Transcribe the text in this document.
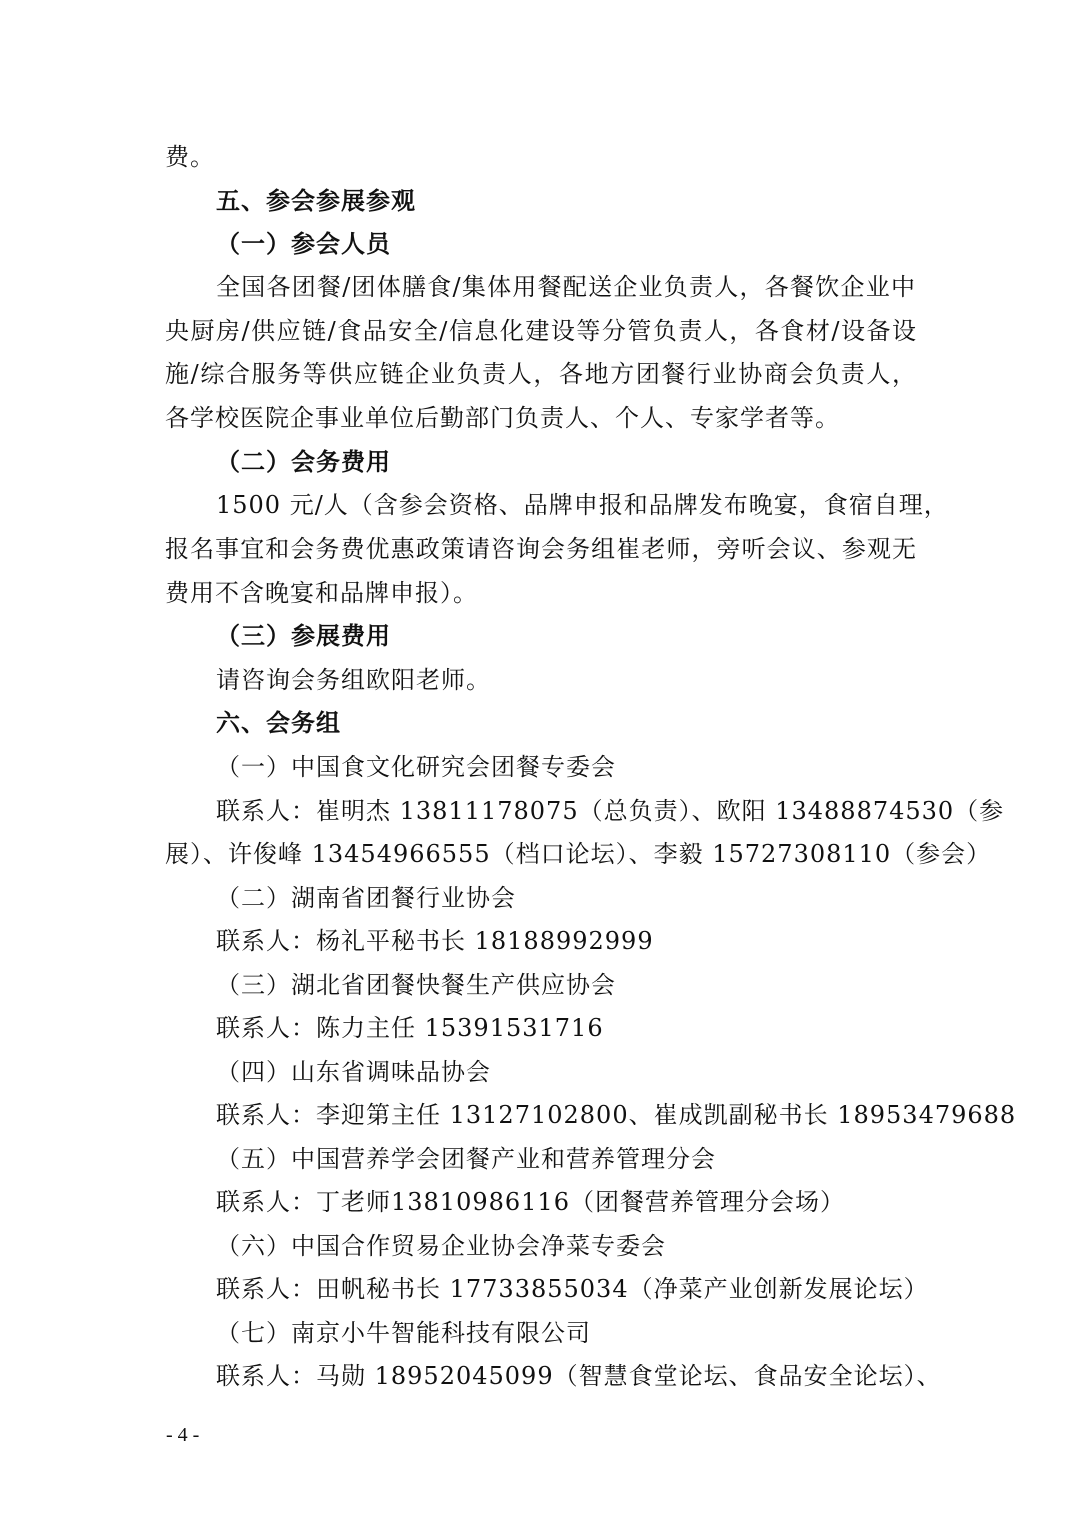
费。
五、参会参展参观
（一）参会人员
全国各团餐/团体膳食/集体用餐配送企业负责人，各餐饮企业中
央厨房/供应链/食品安全/信息化建设等分管负责人，各食材/设备设
施/综合服务等供应链企业负责人，各地方团餐行业协商会负责人，
各学校医院企事业单位后勤部门负责人、个人、专家学者等。
（二）会务费用
1500 元/人（含参会资格、品牌申报和品牌发布晚宴，食宿自理，
报名事宜和会务费优惠政策请咨询会务组崔老师，旁听会议、参观无
费用不含晚宴和品牌申报）。
（三）参展费用
请咨询会务组欧阳老师。
六、会务组
（一）中国食文化研究会团餐专委会
联系人：崔明杰 13811178075（总负责）、欧阳 13488874530（参
展）、许俊峰 13454966555（档口论坛）、李毅 15727308110（参会）
（二）湖南省团餐行业协会
联系人：杨礼平秘书长 18188992999
（三）湖北省团餐快餐生产供应协会
联系人：陈力主任 15391531716
（四）山东省调味品协会
联系人：李迎第主任 13127102800、崔成凯副秘书长 18953479688
（五）中国营养学会团餐产业和营养管理分会
联系人：丁老师13810986116（团餐营养管理分会场）
（六）中国合作贸易企业协会净菜专委会
联系人：田帆秘书长 17733855034（净菜产业创新发展论坛）
（七）南京小牛智能科技有限公司
联系人：马勋 18952045099（智慧食堂论坛、食品安全论坛）、
- 4 -
